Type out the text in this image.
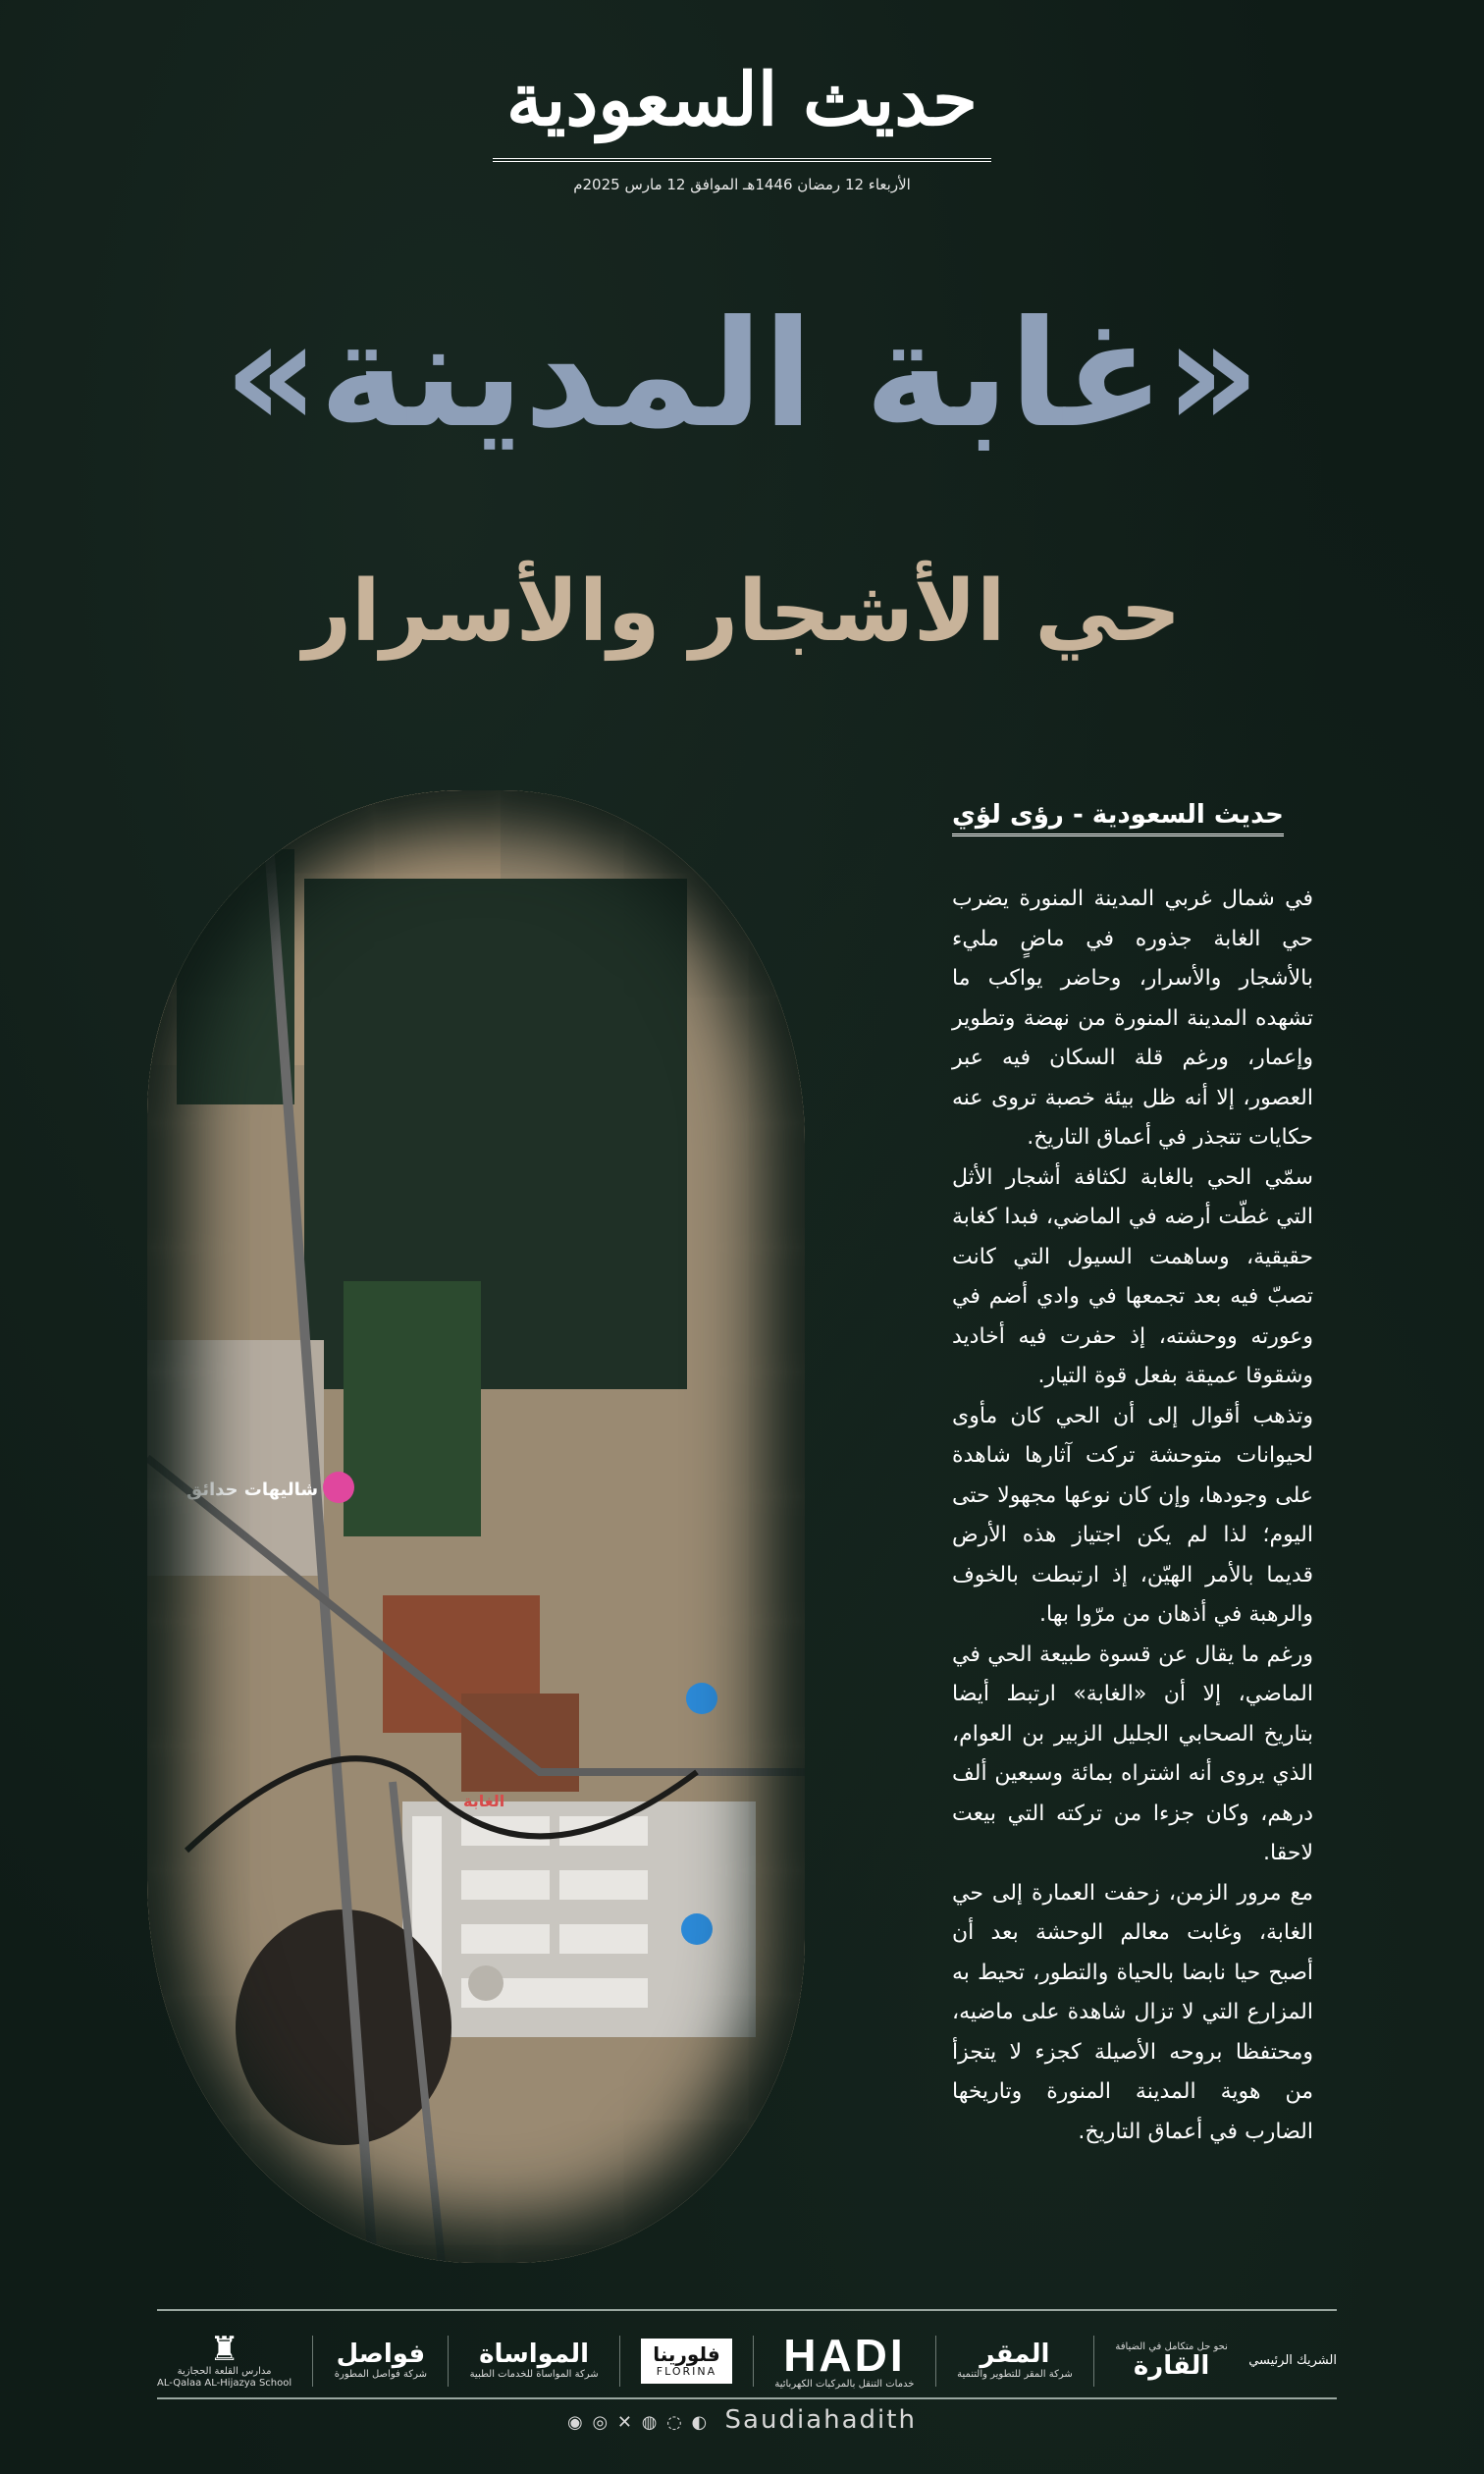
حديث السعودية
الأربعاء 12 رمضان 1446هـ الموافق 12 مارس 2025م
«غابة المدينة»
حي الأشجار والأسرار
شاليهات حدائق
الغابة
حديث السعودية - رؤى لؤي

في شمال غربي المدينة المنورة يضرب حي الغابة جذوره في ماضٍ مليء بالأشجار والأسرار، وحاضر يواكب ما تشهده المدينة المنورة من نهضة وتطوير وإعمار، ورغم قلة السكان فيه عبر العصور، إلا أنه ظل بيئة خصبة تروى عنه حكايات تتجذر في أعماق التاريخ.

سمّي الحي بالغابة لكثافة أشجار الأثل التي غطّت أرضه في الماضي، فبدا كغابة حقيقية، وساهمت السيول التي كانت تصبّ فيه بعد تجمعها في وادي أضم في وعورته ووحشته، إذ حفرت فيه أخاديد وشقوقا عميقة بفعل قوة التيار.

وتذهب أقوال إلى أن الحي كان مأوى لحيوانات متوحشة تركت آثارها شاهدة على وجودها، وإن كان نوعها مجهولا حتى اليوم؛ لذا لم يكن اجتياز هذه الأرض قديما بالأمر الهيّن، إذ ارتبطت بالخوف والرهبة في أذهان من مرّوا بها.

ورغم ما يقال عن قسوة طبيعة الحي في الماضي، إلا أن «الغابة» ارتبط أيضا بتاريخ الصحابي الجليل الزبير بن العوام، الذي يروى أنه اشتراه بمائة وسبعين ألف درهم، وكان جزءا من تركته التي بيعت لاحقا.

مع مرور الزمن، زحفت العمارة إلى حي الغابة، وغابت معالم الوحشة بعد أن أصبح حيا نابضا بالحياة والتطور، تحيط به المزارع التي لا تزال شاهدة على ماضيه، ومحتفظا بروحه الأصيلة كجزء لا يتجزأ من هوية المدينة المنورة وتاريخها الضارب في أعماق التاريخ.

الشريك الرئيسي
نحو حل متكامل في الضيافة
القارة
المقر
شركة المقر للتطوير والتنمية
HADI
خدمات التنقل بالمركبات الكهربائية
فلورينا
FLORINA
المواساة
شركة المواساة للخدمات الطبية
فواصل
شركة فواصل المطورة
♜
مدارس القلعة الحجازية
AL-Qalaa AL-Hijazya School
◉ ◎ ✕ ◍ ◌ ◐ Saudiahadith
